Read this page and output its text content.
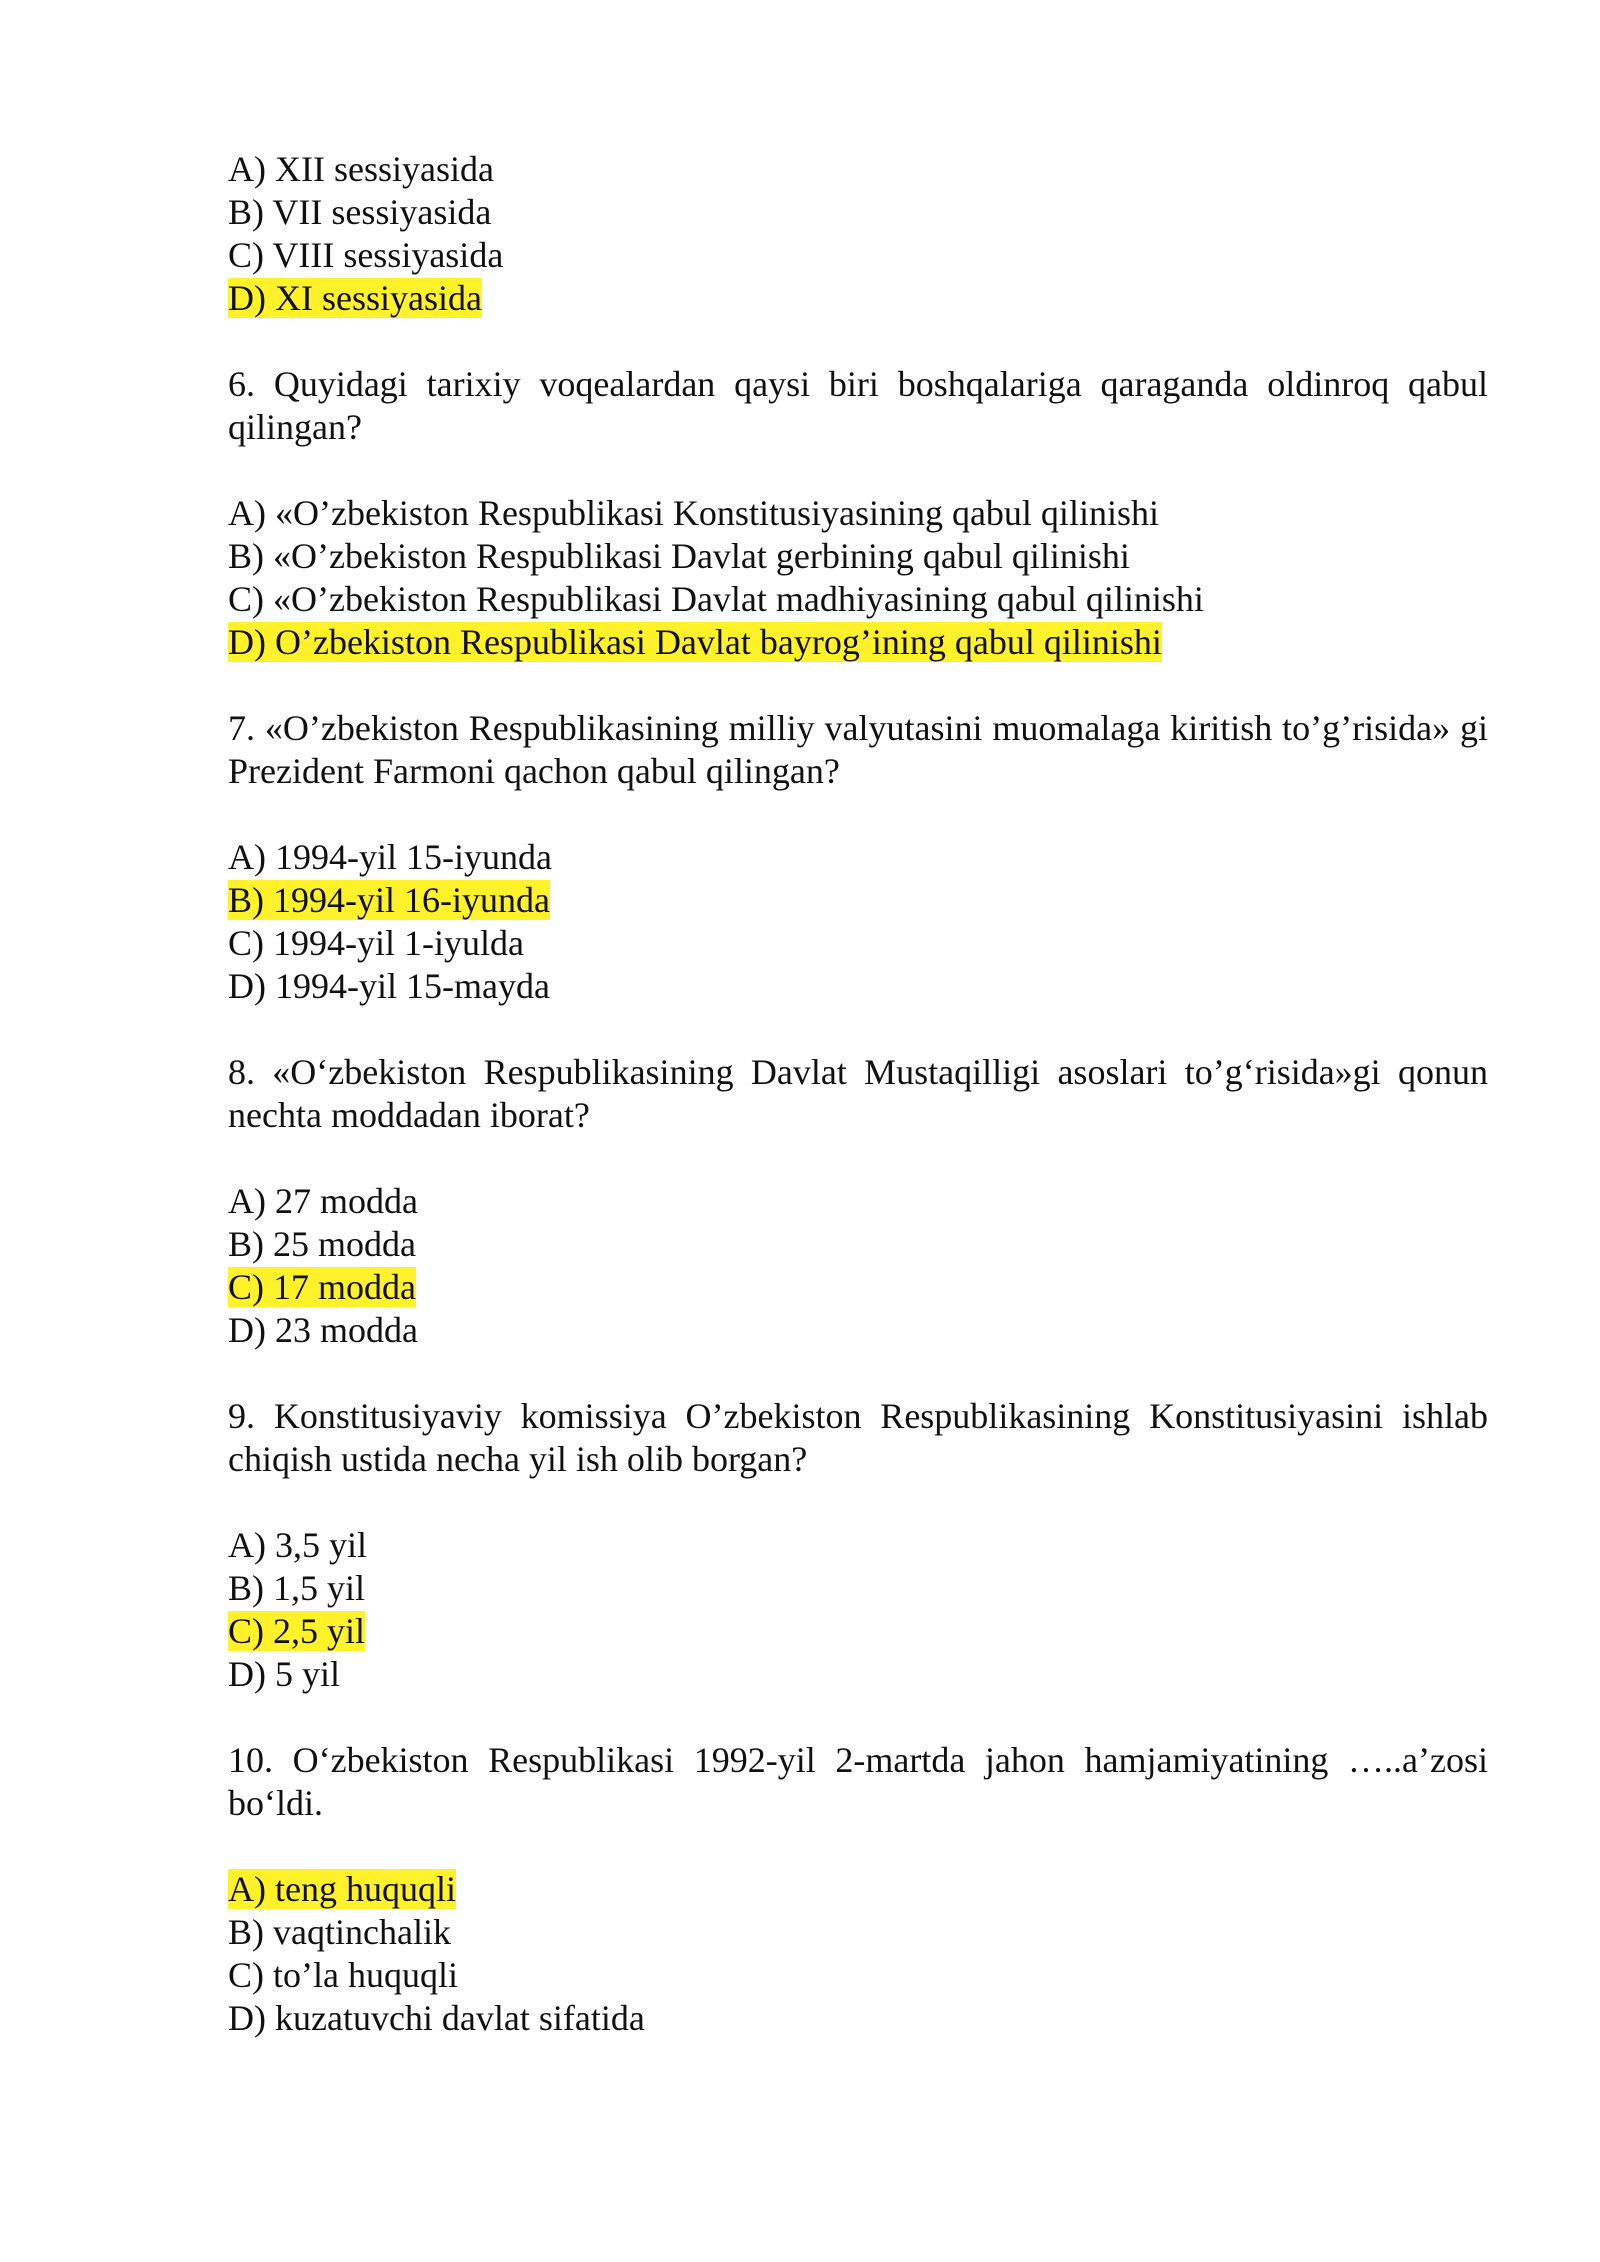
A) XII sessiyasida
B) VII sessiyasida
C) VIII sessiyasida
D) XI sessiyasida

6. Quyidagi tarixiy voqealardan qaysi biri boshqalariga qaraganda oldinroq qabul qilingan?

A) «O’zbekiston Respublikasi Konstitusiyasining qabul qilinishi
B) «O’zbekiston Respublikasi Davlat gerbining qabul qilinishi
C) «O’zbekiston Respublikasi Davlat madhiyasining qabul qilinishi
D) O’zbekiston Respublikasi Davlat bayrog’ining qabul qilinishi

7. «O’zbekiston Respublikasining milliy valyutasini muomalaga kiritish to’g’risida» gi Prezident Farmoni qachon qabul qilingan?

A) 1994-yil 15-iyunda
B) 1994-yil 16-iyunda
C) 1994-yil 1-iyulda
D) 1994-yil 15-mayda

8. «O‘zbekiston Respublikasining Davlat Mustaqilligi asoslari to’g‘risida»gi qonun nechta moddadan iborat?

A) 27 modda
B) 25 modda
C) 17 modda
D) 23 modda

9. Konstitusiyaviy komissiya O’zbekiston Respublikasining Konstitusiyasini ishlab chiqish ustida necha yil ish olib borgan?

A) 3,5 yil
B) 1,5 yil
C) 2,5 yil
D) 5 yil

10. O‘zbekiston Respublikasi 1992-yil 2-martda jahon hamjamiyatining …..a’zosi bo‘ldi.

A) teng huquqli
B) vaqtinchalik
C) to’la huquqli
D) kuzatuvchi davlat sifatida
